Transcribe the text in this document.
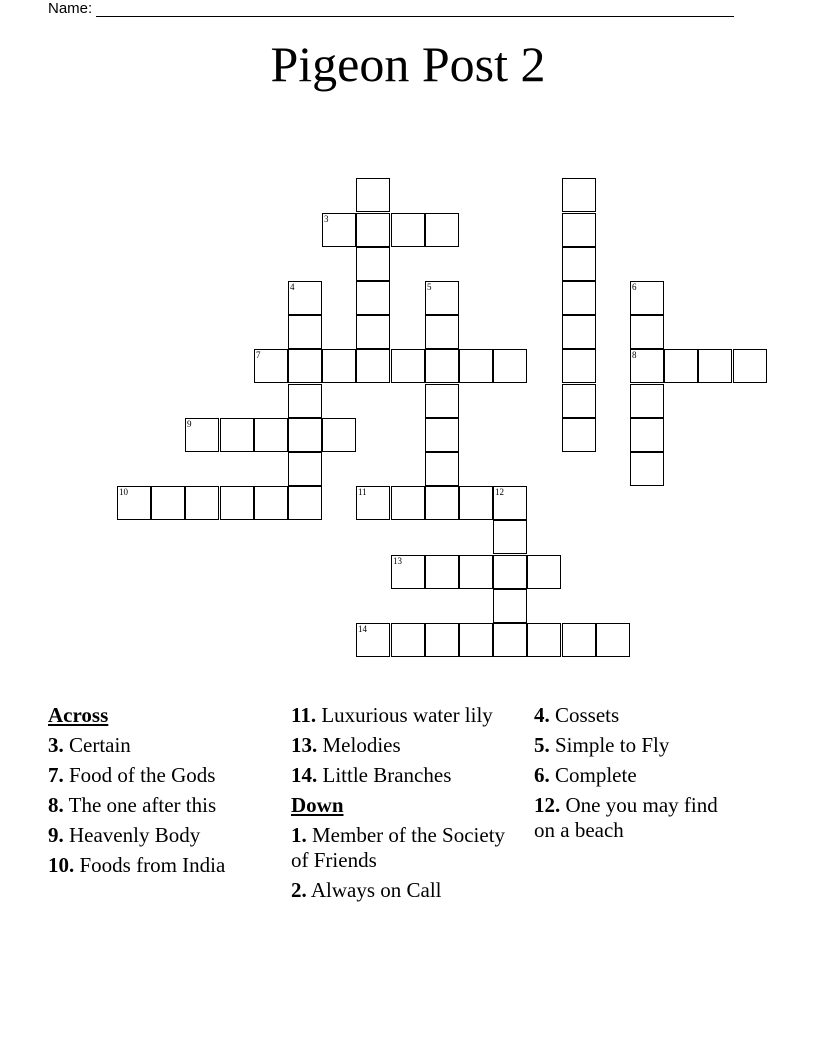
Name:
Pigeon Post 2
3
4	5	6
7	8
9
10	11	12
13
14
Across
3. Certain
7. Food of the Gods
8. The one after this
9. Heavenly Body
10. Foods from India
11. Luxurious water lily
13. Melodies
14. Little Branches
Down
1. Member of the Society of Friends
2. Always on Call
4. Cossets
5. Simple to Fly
6. Complete
12. One you may find on a beach
